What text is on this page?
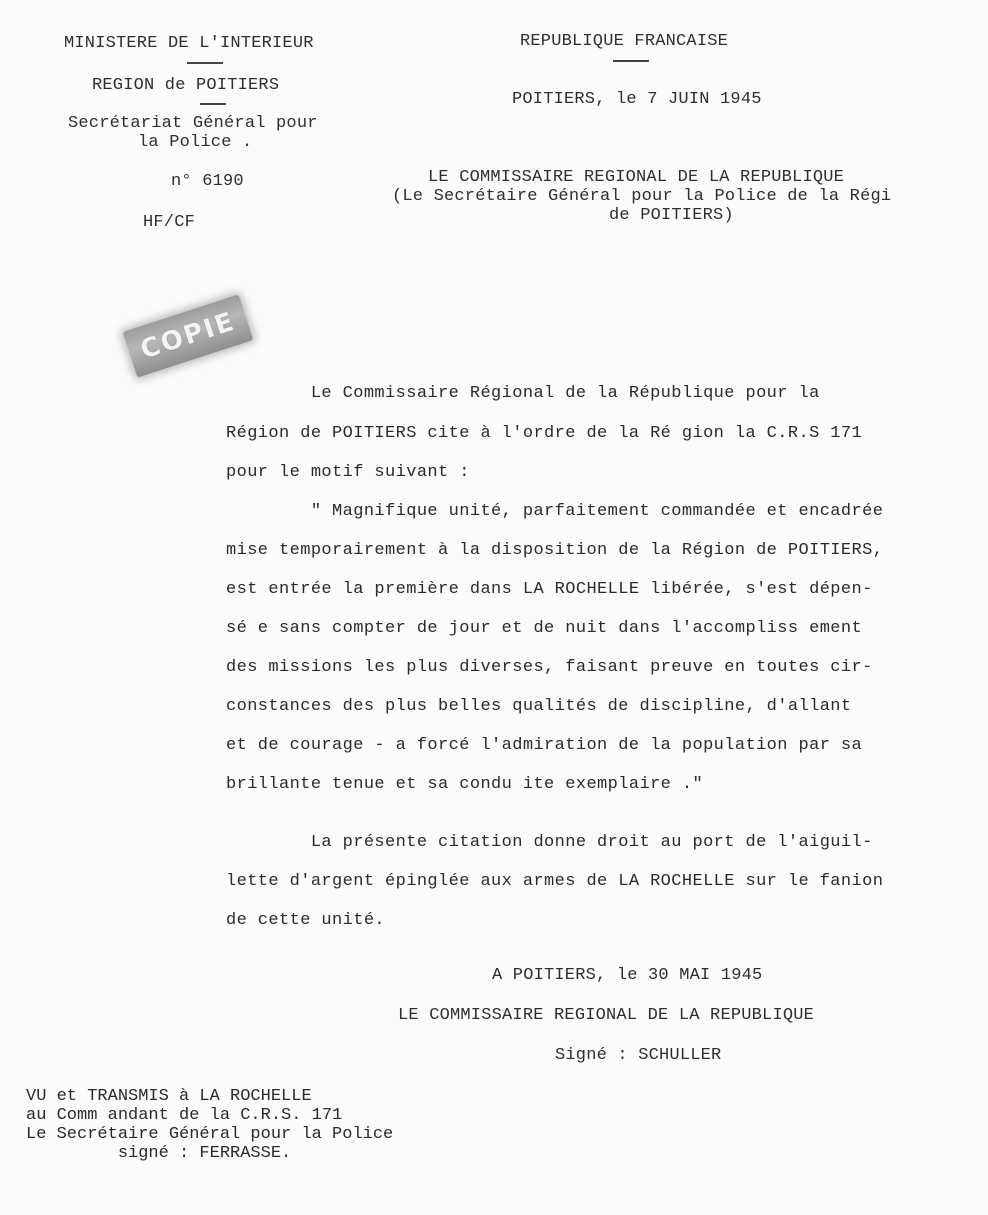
MINISTERE DE L'INTERIEUR
REGION de POITIERS
Secrétariat Général pour
la Police .
n° 6190
HF/CF
REPUBLIQUE FRANCAISE
POITIERS, le 7 JUIN 1945
LE COMMISSAIRE REGIONAL DE LA REPUBLIQUE
(Le Secrétaire Général pour la Police de la Régi
de POITIERS)
COPIE
Le Commissaire Régional de la République pour la
Région de POITIERS cite à l'ordre de la Ré gion la C.R.S 171
pour le motif suivant :
" Magnifique unité, parfaitement commandée et encadrée
mise temporairement à la disposition de la Région de POITIERS,
est entrée la première dans LA ROCHELLE libérée, s'est dépen-
sé e sans compter de jour et de nuit dans l'accompliss ement
des missions les plus diverses, faisant preuve en toutes cir-
constances des plus belles qualités de discipline, d'allant
et de courage - a forcé l'admiration de la population par sa
brillante tenue et sa condu ite exemplaire ."
La présente citation donne droit au port de l'aiguil-
lette d'argent épinglée aux armes de LA ROCHELLE sur le fanion
de cette unité.
A POITIERS, le 30 MAI 1945
LE COMMISSAIRE REGIONAL DE LA REPUBLIQUE
Signé : SCHULLER
VU et TRANSMIS à LA ROCHELLE
au Comm andant de la C.R.S. 171
Le Secrétaire Général pour la Police
signé : FERRASSE.
